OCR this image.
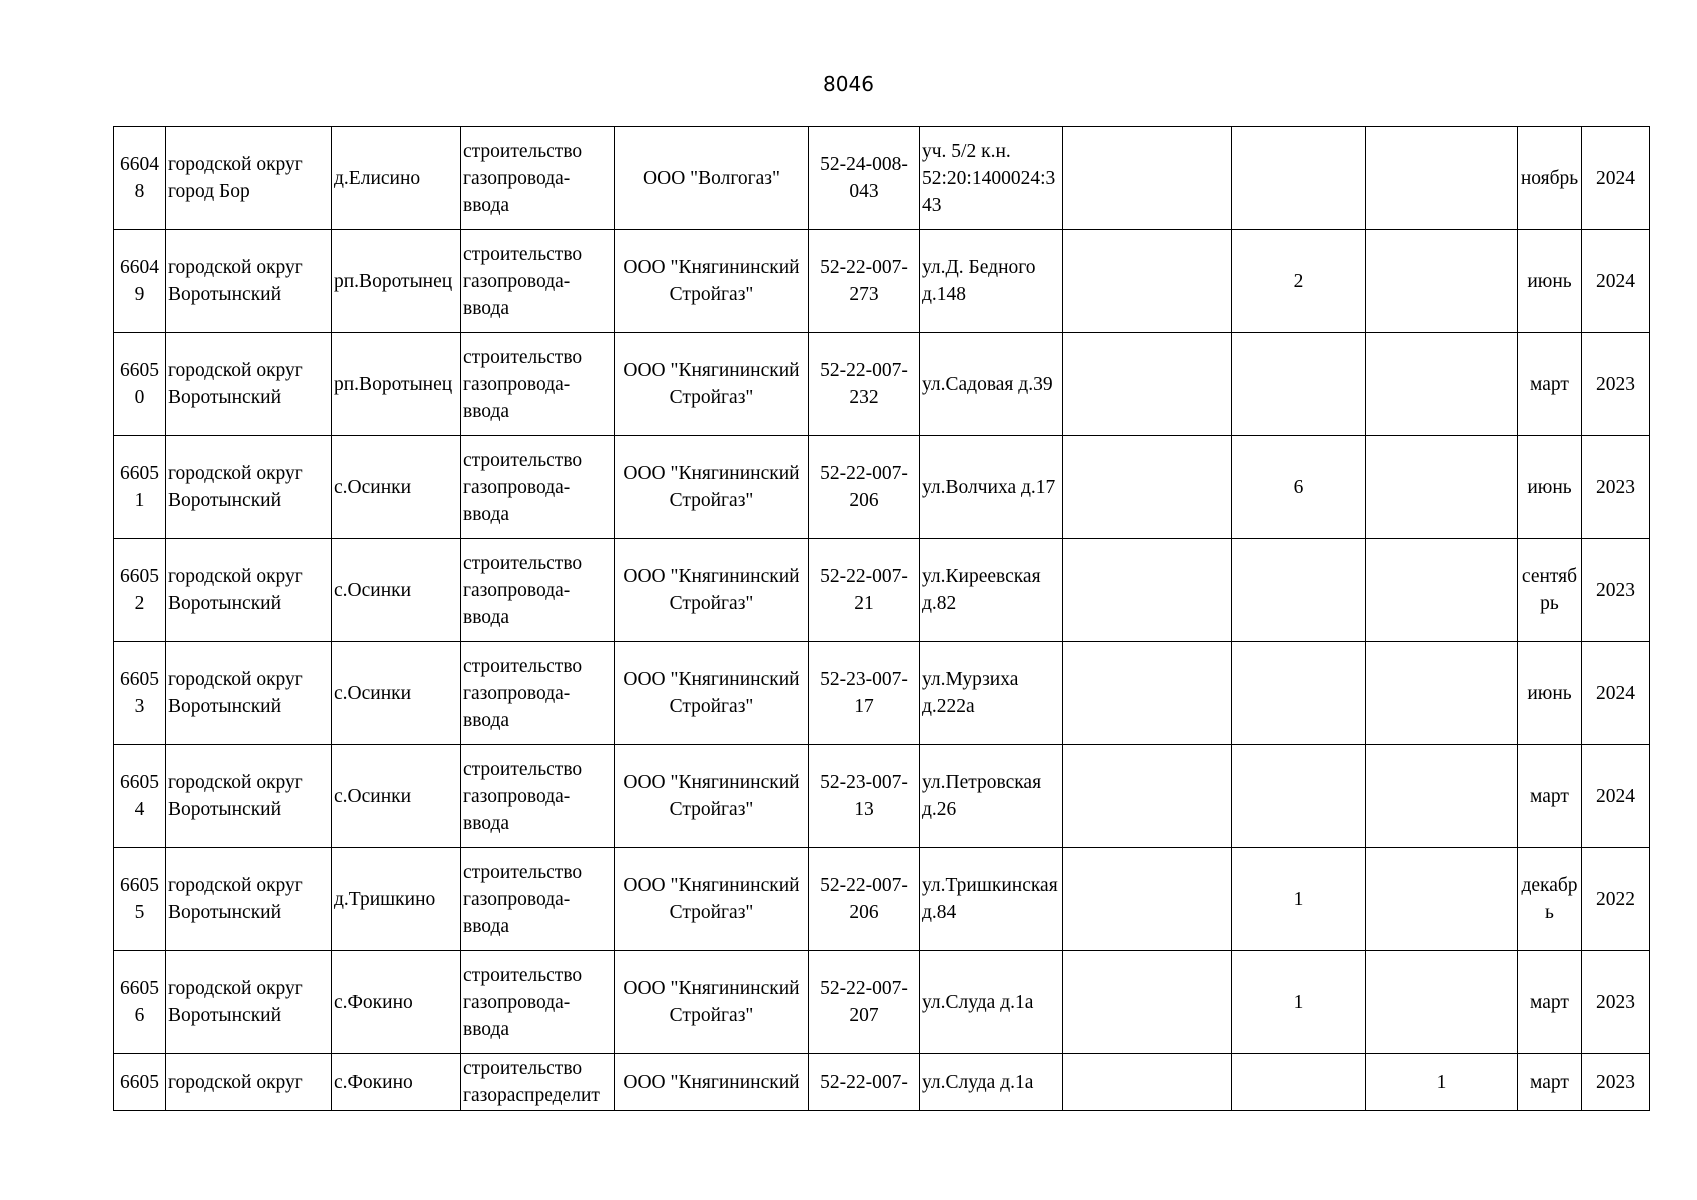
8046
66048	городской округ город Бор	д.Елисино	строительство газопровода-ввода	ООО "Волгогаз"	52-24-008-043	уч. 5/2 к.н. 52:20:1400024:343				ноябрь	2024
66049	городской округ Воротынский	рп.Воротынец	строительство газопровода-ввода	ООО "Княгининский Стройгаз"	52-22-007-273	ул.Д. Бедного д.148		2		июнь	2024
66050	городской округ Воротынский	рп.Воротынец	строительство газопровода-ввода	ООО "Княгининский Стройгаз"	52-22-007-232	ул.Садовая д.39				март	2023
66051	городской округ Воротынский	с.Осинки	строительство газопровода-ввода	ООО "Княгининский Стройгаз"	52-22-007-206	ул.Волчиха д.17		6		июнь	2023
66052	городской округ Воротынский	с.Осинки	строительство газопровода-ввода	ООО "Княгининский Стройгаз"	52-22-007-21	ул.Киреевская д.82				сентябрь	2023
66053	городской округ Воротынский	с.Осинки	строительство газопровода-ввода	ООО "Княгининский Стройгаз"	52-23-007-17	ул.Мурзиха д.222а				июнь	2024
66054	городской округ Воротынский	с.Осинки	строительство газопровода-ввода	ООО "Княгининский Стройгаз"	52-23-007-13	ул.Петровская д.26				март	2024
66055	городской округ Воротынский	д.Тришкино	строительство газопровода-ввода	ООО "Княгининский Стройгаз"	52-22-007-206	ул.Тришкинская д.84		1		декабрь	2022
66056	городской округ Воротынский	с.Фокино	строительство газопровода-ввода	ООО "Княгининский Стройгаз"	52-22-007-207	ул.Слуда д.1а		1		март	2023
6605	городской округ	с.Фокино	строительство газораспределит	ООО "Княгининский	52-22-007-	ул.Слуда д.1а			1	март	2023
